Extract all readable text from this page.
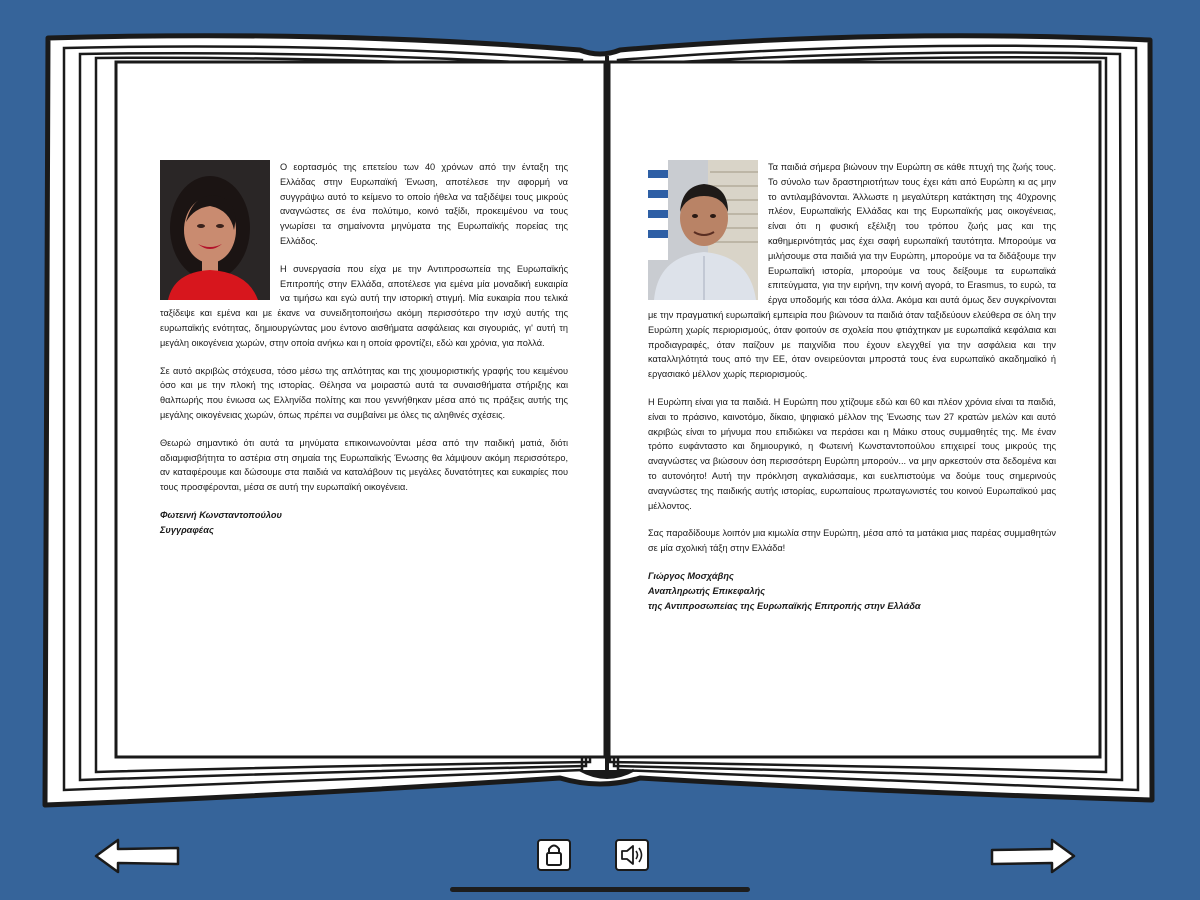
Ο εορτασμός της επετείου των 40 χρόνων από την ένταξη της Ελλάδας στην Ευρωπαϊκή Ένωση, αποτέλεσε την αφορμή να συγγράψω αυτό το κείμενο το οποίο ήθελα να ταξιδέψει τους μικρούς αναγνώστες σε ένα πολύτιμο, κοινό ταξίδι, προκειμένου να τους γνωρίσει τα σημαίνοντα μηνύματα της Ευρωπαϊκής πορείας της Ελλάδος.

Η συνεργασία που είχα με την Αντιπροσωπεία της Ευρωπαϊκής Επιτροπής στην Ελλάδα, αποτέλεσε για εμένα μία μοναδική ευκαιρία να τιμήσω και εγώ αυτή την ιστορική στιγμή. Μία ευκαιρία που τελικά ταξίδεψε και εμένα και με έκανε να συνειδητοποιήσω ακόμη περισσότερο την ισχύ αυτής της ευρωπαϊκής ενότητας, δημιουργώντας μου έντονο αισθήματα ασφάλειας και σιγουριάς, γι' αυτή τη μεγάλη οικογένεια χωρών, στην οποία ανήκω και η οποία φροντίζει, εδώ και χρόνια, για πολλά.

Σε αυτό ακριβώς στόχευσα, τόσο μέσω της απλότητας και της χιουμοριστικής γραφής του κειμένου όσο και με την πλοκή της ιστορίας. Θέλησα να μοιραστώ αυτά τα συναισθήματα στήριξης και θαλπωρής που ένιωσα ως Ελληνίδα πολίτης και που γεννήθηκαν μέσα από τις πράξεις αυτής της μεγάλης οικογένειας χωρών, όπως πρέπει να συμβαίνει με όλες τις αληθινές σχέσεις.

Θεωρώ σημαντικό ότι αυτά τα μηνύματα επικοινωνούνται μέσα από την παιδική ματιά, διότι αδιαμφισβήτητα το αστέρια στη σημαία της Ευρωπαϊκής Ένωσης θα λάμψουν ακόμη περισσότερο, αν καταφέρουμε και δώσουμε στα παιδιά να καταλάβουν τις μεγάλες δυνατότητες και ευκαιρίες που τους προσφέρονται, μέσα σε αυτή την ευρωπαϊκή οικογένεια.

Φωτεινή Κωνσταντοπούλου

Συγγραφέας

Τα παιδιά σήμερα βιώνουν την Ευρώπη σε κάθε πτυχή της ζωής τους. Το σύνολο των δραστηριοτήτων τους έχει κάτι από Ευρώπη κι ας μην το αντιλαμβάνονται. Άλλωστε η μεγαλύτερη κατάκτηση της 40χρονης πλέον, Ευρωπαϊκής Ελλάδας και της Ευρωπαϊκής μας οικογένειας, είναι ότι η φυσική εξέλιξη του τρόπου ζωής μας και της καθημερινότητάς μας έχει σαφή ευρωπαϊκή ταυτότητα. Μπορούμε να μιλήσουμε στα παιδιά για την Ευρώπη, μπορούμε να τα διδάξουμε την Ευρωπαϊκή ιστορία, μπορούμε να τους δείξουμε τα ευρωπαϊκά επιτεύγματα, για την ειρήνη, την κοινή αγορά, το Erasmus, το ευρώ, τα έργα υποδομής και τόσα άλλα. Ακόμα και αυτά όμως δεν συγκρίνονται με την πραγματική ευρωπαϊκή εμπειρία που βιώνουν τα παιδιά όταν ταξιδεύουν ελεύθερα σε όλη την Ευρώπη χωρίς περιορισμούς, όταν φοιτούν σε σχολεία που φτιάχτηκαν με ευρωπαϊκά κεφάλαια και προδιαγραφές, όταν παίζουν με παιχνίδια που έχουν ελεγχθεί για την ασφάλεια και την καταλληλότητά τους από την ΕΕ, όταν ονειρεύονται μπροστά τους ένα ευρωπαϊκό ακαδημαϊκό ή εργασιακό μέλλον χωρίς περιορισμούς.

Η Ευρώπη είναι για τα παιδιά. Η Ευρώπη που χτίζουμε εδώ και 60 και πλέον χρόνια είναι τα παιδιά, είναι το πράσινο, καινοτόμο, δίκαιο, ψηφιακό μέλλον της Ένωσης των 27 κρατών μελών και αυτό ακριβώς είναι το μήνυμα που επιδιώκει να περάσει και η Μάικυ στους συμμαθητές της. Με έναν τρόπο ευφάνταστο και δημιουργικό, η Φωτεινή Κωνσταντοπούλου επιχειρεί τους μικρούς της αναγνώστες να βιώσουν όση περισσότερη Ευρώπη μπορούν... να μην αρκεστούν στα δεδομένα και το αυτονόητο! Αυτή την πρόκληση αγκαλιάσαμε, και ευελπιστούμε να δούμε τους σημερινούς αναγνώστες της παιδικής αυτής ιστορίας, ευρωπαίους πρωταγωνιστές του κοινού Ευρωπαϊκού μας μέλλοντος.

Σας παραδίδουμε λοιπόν μια κιμωλία στην Ευρώπη, μέσα από τα ματάκια μιας παρέας συμμαθητών σε μία σχολική τάξη στην Ελλάδα!

Γιώργος Μοσχάβης

Αναπληρωτής Επικεφαλής

της Αντιπροσωπείας της Ευρωπαϊκής Επιτροπής στην Ελλάδα
